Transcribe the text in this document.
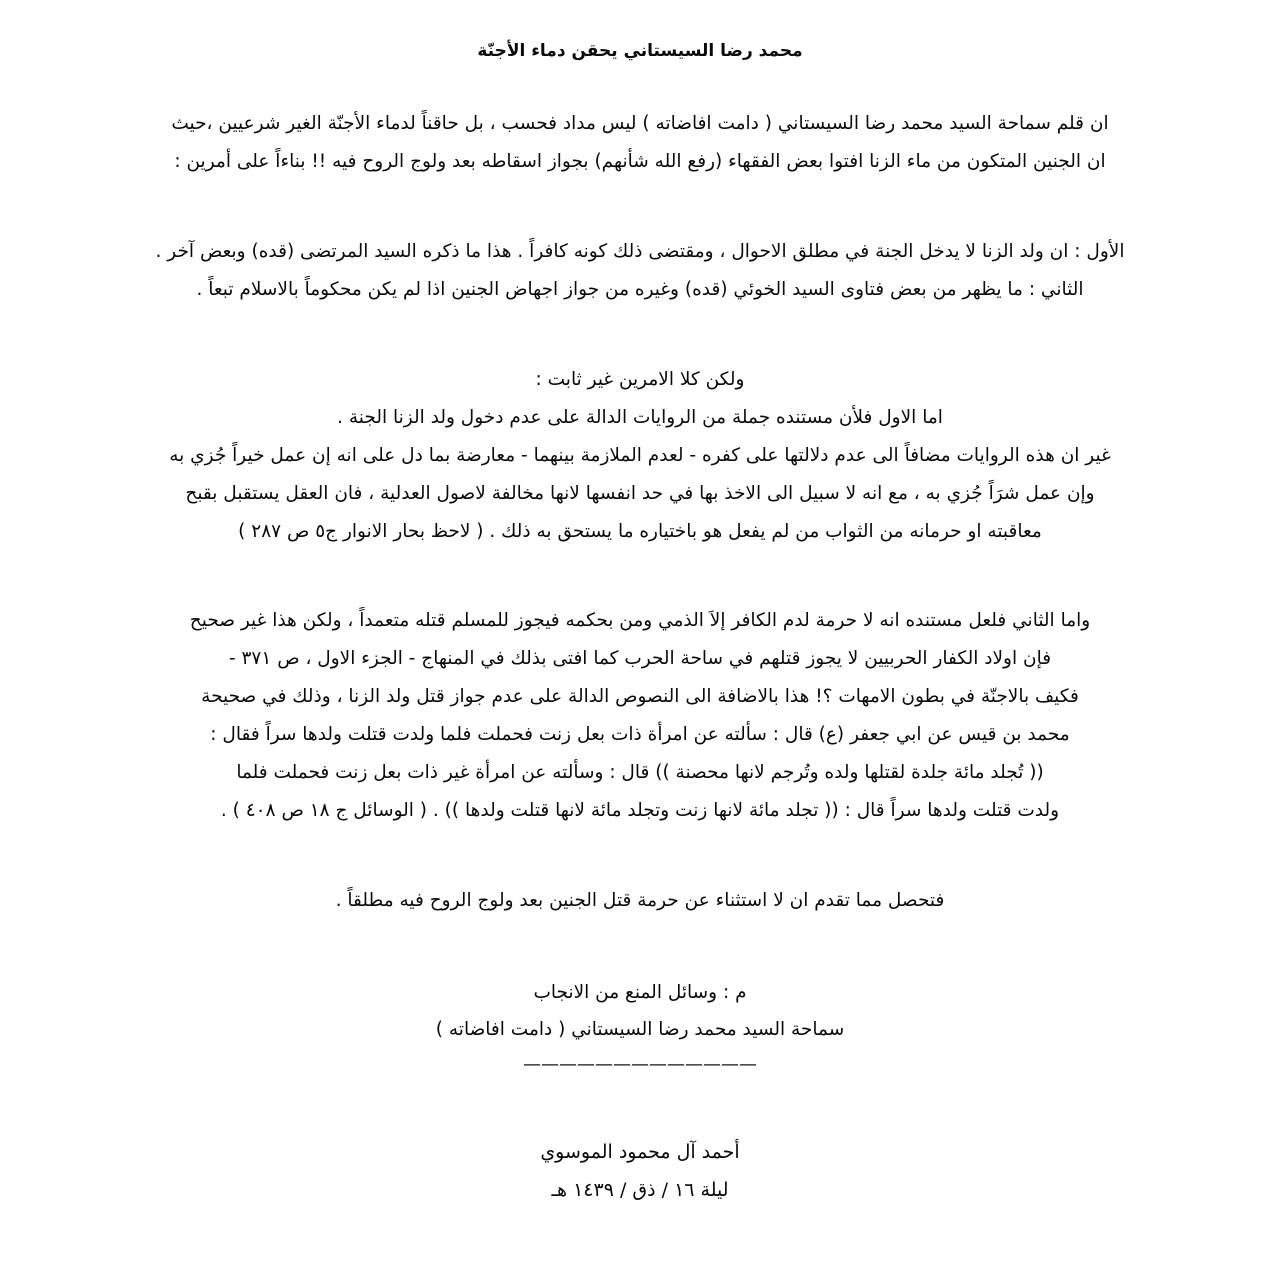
محمد رضا السيستاني يحقن دماء الأجنّة

ان قلم سماحة السيد محمد رضا السيستاني ( دامت افاضاته ) ليس مداد فحسب ، بل حاقناً لدماء الأجنّة الغير شرعيين ،حيث

ان الجنين المتكون من ماء الزنا افتوا بعض الفقهاء (رفع الله شأنهم) بجواز اسقاطه بعد ولوج الروح فيه !! بناءاً على أمرين :

الأول : ان ولد الزنا لا يدخل الجنة في مطلق الاحوال ، ومقتضى ذلك كونه كافراً . هذا ما ذكره السيد المرتضى (قده) وبعض آخر .

الثاني : ما يظهر من بعض فتاوى السيد الخوئي (قده) وغيره من جواز اجهاض الجنين اذا لم يكن محكوماً بالاسلام تبعاً .

ولكن كلا الامرين غير ثابت :

اما الاول فلأن مستنده جملة من الروايات الدالة على عدم دخول ولد الزنا الجنة .

غير ان هذه الروايات مضافاً الى عدم دلالتها على كفره - لعدم الملازمة بينهما - معارضة بما دل على انه إن عمل خيراً جُزي به

وإن عمل شرَاً جُزي به ، مع انه لا سبيل الى الاخذ بها في حد انفسها لانها مخالفة لاصول العدلية ، فان العقل يستقبل بقبح

معاقبته او حرمانه من الثواب من لم يفعل هو باختياره ما يستحق به ذلك . ( لاحظ بحار الانوار ج٥ ص ٢٨٧ )

واما الثاني فلعل مستنده انه لا حرمة لدم الكافر إلاَ الذمي ومن بحكمه فيجوز للمسلم قتله متعمداً ، ولكن هذا غير صحيح

فإن اولاد الكفار الحربيين لا يجوز قتلهم في ساحة الحرب كما افتى بذلك في المنهاج - الجزء الاول ، ص ٣٧١ -

فكيف بالاجنّة في بطون الامهات ؟! هذا بالاضافة الى النصوص الدالة على عدم جواز قتل ولد الزنا ، وذلك في صحيحة

محمد بن قيس عن ابي جعفر (ع) قال : سألته عن امرأة ذات بعل زنت فحملت فلما ولدت قتلت ولدها سراً فقال :

(( تُجلد مائة جلدة لقتلها ولده وتُرجم لانها محصنة )) قال : وسألته عن امرأة غير ذات بعل زنت فحملت فلما

ولدت قتلت ولدها سراً قال : (( تجلد مائة لانها زنت وتجلد مائة لانها قتلت ولدها )) . ( الوسائل ج ١٨ ص ٤٠٨ ) .

فتحصل مما تقدم ان لا استثناء عن حرمة قتل الجنين بعد ولوج الروح فيه مطلقاً .

م : وسائل المنع من الانجاب
سماحة السيد محمد رضا السيستاني ( دامت افاضاته )
—————————————
أحمد آل محمود الموسوي
ليلة ١٦ / ذق / ١٤٣٩ هـ
